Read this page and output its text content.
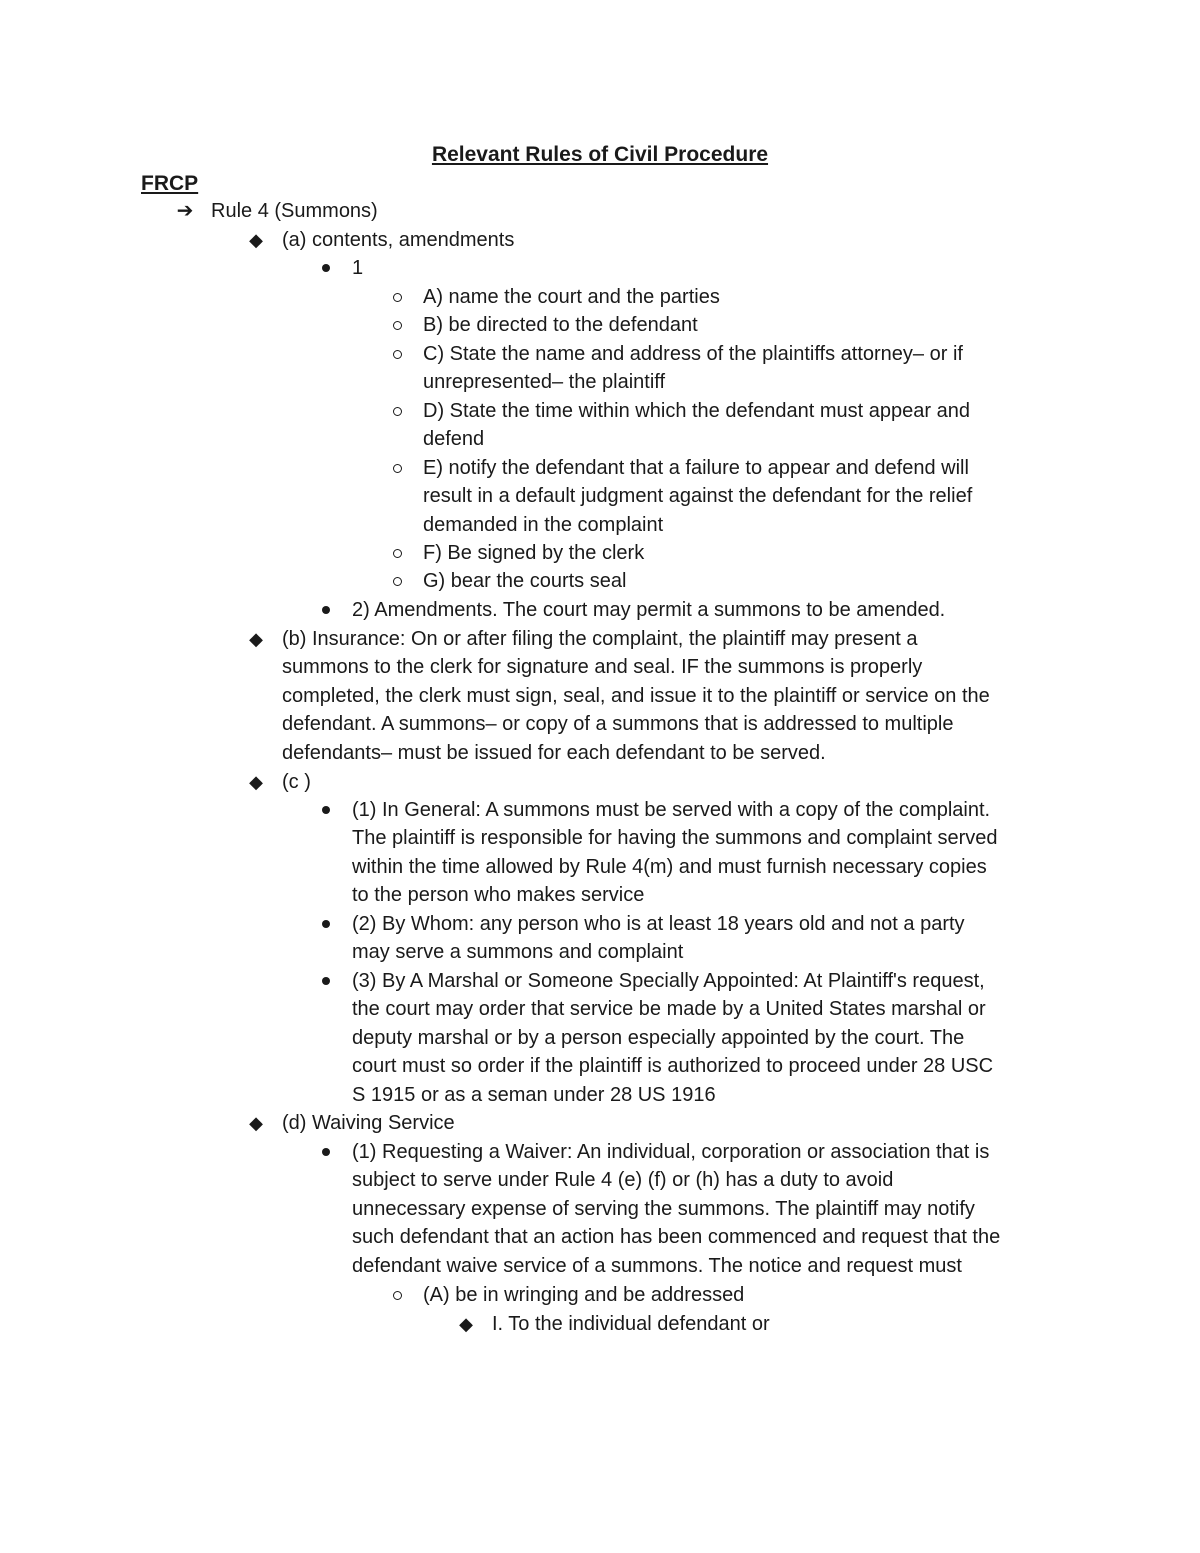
Relevant Rules of Civil Procedure
FRCP
➔ Rule 4 (Summons)
◆ (a) contents, amendments
1
A) name the court and the parties
B) be directed to the defendant
C) State the name and address of the plaintiffs attorney– or if
unrepresented– the plaintiff
D) State the time within which the defendant must appear and
defend
E) notify the defendant that a failure to appear and defend will
result in a default judgment against the defendant for the relief
demanded in the complaint
F) Be signed by the clerk
G) bear the courts seal
2) Amendments. The court may permit a summons to be amended.
◆ (b) Insurance: On or after filing the complaint, the plaintiff may present a
summons to the clerk for signature and seal. IF the summons is properly
completed, the clerk must sign, seal, and issue it to the plaintiff or service on the
defendant. A summons– or copy of a summons that is addressed to multiple
defendants– must be issued for each defendant to be served.
◆ (c )
(1) In General: A summons must be served with a copy of the complaint.
The plaintiff is responsible for having the summons and complaint served
within the time allowed by Rule 4(m) and must furnish necessary copies
to the person who makes service
(2) By Whom: any person who is at least 18 years old and not a party
may serve a summons and complaint
(3) By A Marshal or Someone Specially Appointed: At Plaintiff's request,
the court may order that service be made by a United States marshal or
deputy marshal or by a person especially appointed by the court. The
court must so order if the plaintiff is authorized to proceed under 28 USC
S 1915 or as a seman under 28 US 1916
◆ (d) Waiving Service
(1) Requesting a Waiver: An individual, corporation or association that is
subject to serve under Rule 4 (e) (f) or (h) has a duty to avoid
unnecessary expense of serving the summons. The plaintiff may notify
such defendant that an action has been commenced and request that the
defendant waive service of a summons. The notice and request must
(A) be in wringing and be addressed
◆ I. To the individual defendant or
